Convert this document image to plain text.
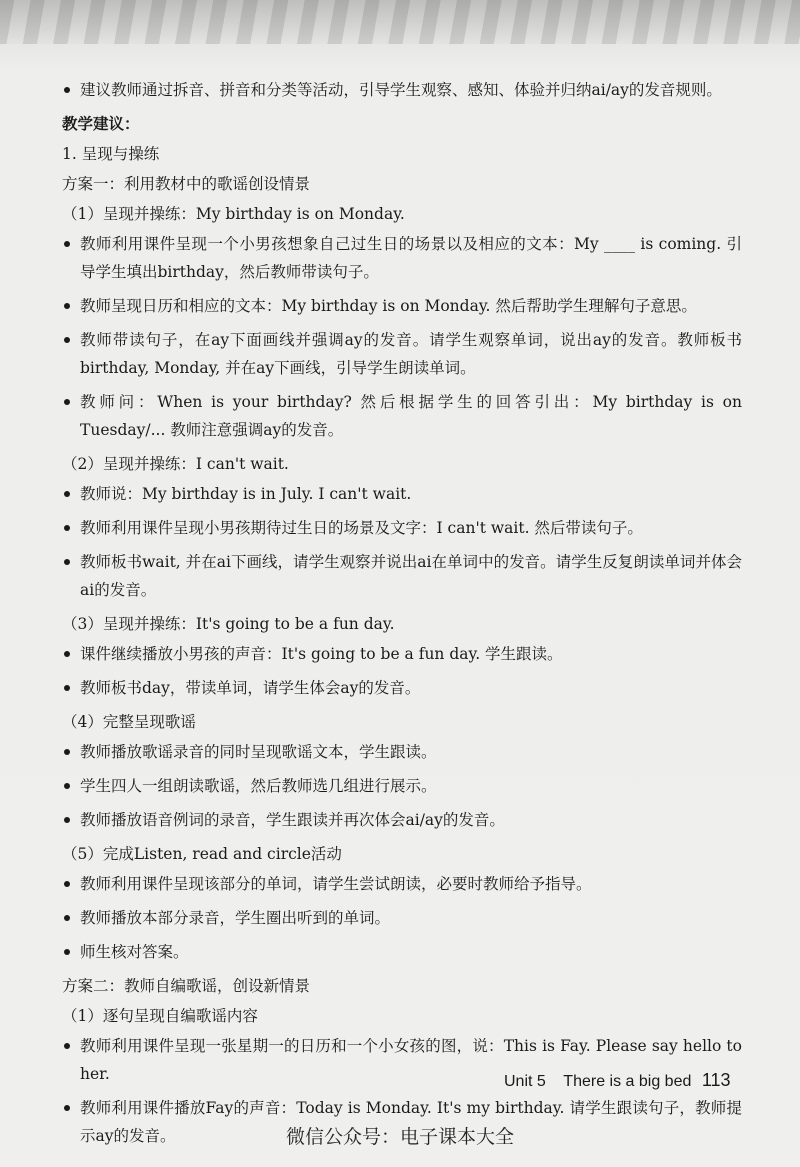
建议教师通过拆音、拼音和分类等活动，引导学生观察、感知、体验并归纳ai/ay的发音规则。

教学建议：

1. 呈现与操练

方案一：利用教材中的歌谣创设情景

（1）呈现并操练：My birthday is on Monday.

教师利用课件呈现一个小男孩想象自己过生日的场景以及相应的文本：My ____ is coming. 引导学生填出birthday，然后教师带读句子。

教师呈现日历和相应的文本：My birthday is on Monday. 然后帮助学生理解句子意思。

教师带读句子，在ay下面画线并强调ay的发音。请学生观察单词，说出ay的发音。教师板书birthday, Monday, 并在ay下画线，引导学生朗读单词。

教师问：When is your birthday? 然后根据学生的回答引出：My birthday is on Tuesday/... 教师注意强调ay的发音。

（2）呈现并操练：I can't wait.

教师说：My birthday is in July. I can't wait.

教师利用课件呈现小男孩期待过生日的场景及文字：I can't wait. 然后带读句子。

教师板书wait, 并在ai下画线，请学生观察并说出ai在单词中的发音。请学生反复朗读单词并体会ai的发音。

（3）呈现并操练：It's going to be a fun day.

课件继续播放小男孩的声音：It's going to be a fun day. 学生跟读。

教师板书day，带读单词，请学生体会ay的发音。

（4）完整呈现歌谣

教师播放歌谣录音的同时呈现歌谣文本，学生跟读。

学生四人一组朗读歌谣，然后教师选几组进行展示。

教师播放语音例词的录音，学生跟读并再次体会ai/ay的发音。

（5）完成Listen, read and circle活动

教师利用课件呈现该部分的单词，请学生尝试朗读，必要时教师给予指导。

教师播放本部分录音，学生圈出听到的单词。

师生核对答案。

方案二：教师自编歌谣，创设新情景

（1）逐句呈现自编歌谣内容

教师利用课件呈现一张星期一的日历和一个小女孩的图，说：This is Fay. Please say hello to her.

教师利用课件播放Fay的声音：Today is Monday. It's my birthday. 请学生跟读句子，教师提示ay的发音。

Unit 5 There is a big bed 113
微信公众号：电子课本大全
